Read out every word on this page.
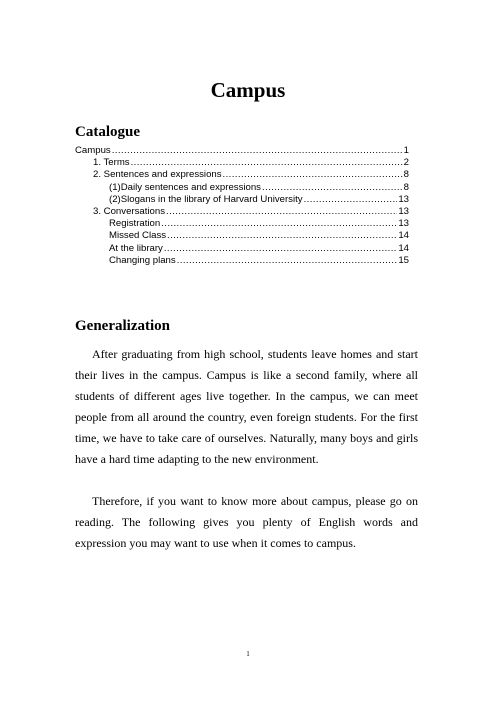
Campus
Catalogue
Campus .....	1
1. Terms .....	2
2. Sentences and expressions .....	8
(1)Daily sentences and expressions .....	8
(2)Slogans in the library of Harvard University .....	13
3. Conversations .....	13
Registration .....	13
Missed Class .....	14
At the library .....	14
Changing plans .....	15
Generalization

After graduating from high school, students leave homes and start their lives in the campus. Campus is like a second family, where all students of different ages live together. In the campus, we can meet people from all around the country, even foreign students. For the first time, we have to take care of ourselves. Naturally, many boys and girls have a hard time adapting to the new environment.

Therefore, if you want to know more about campus, please go on reading. The following gives you plenty of English words and expression you may want to use when it comes to campus.

1
